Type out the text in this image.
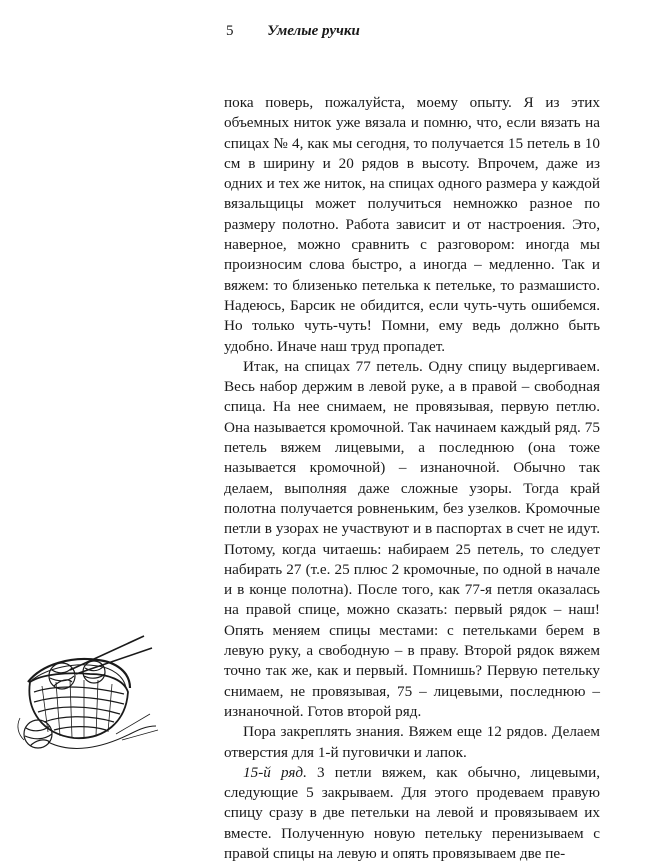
5 Умелые ручки

пока поверь, пожалуйста, моему опыту. Я из этих объемных ниток уже вязала и помню, что, если вязать на спицах № 4, как мы сегодня, то получается 15 петель в 10 см в ширину и 20 рядов в высоту. Впрочем, даже из одних и тех же ниток, на спицах одного размера у каждой вязальщицы может получиться немножко разное по размеру полотно. Работа зависит и от настроения. Это, наверное, можно сравнить с разговором: иногда мы произносим слова быстро, а иногда – медленно. Так и вяжем: то близенько петелька к петельке, то размашисто. Надеюсь, Барсик не обидится, если чуть-чуть ошибемся. Но только чуть-чуть! Помни, ему ведь должно быть удобно. Иначе наш труд пропадет.

Итак, на спицах 77 петель. Одну спицу выдергиваем. Весь набор держим в левой руке, а в правой – свободная спица. На нее снимаем, не провязывая, первую петлю. Она называется кромочной. Так начинаем каждый ряд. 75 петель вяжем лицевыми, а последнюю (она тоже называется кромочной) – изнаночной. Обычно так делаем, выполняя даже сложные узоры. Тогда край полотна получается ровненьким, без узелков. Кромочные петли в узорах не участвуют и в паспортах в счет не идут. Потому, когда читаешь: набираем 25 петель, то следует набирать 27 (т.е. 25 плюс 2 кромочные, по одной в начале и в конце полотна). После того, как 77-я петля оказалась на правой спице, можно сказать: первый рядок – наш! Опять меняем спицы местами: с петельками берем в левую руку, а свободную – в праву. Второй рядок вяжем точно так же, как и первый. Помнишь? Первую петельку снимаем, не провязывая, 75 – лицевыми, последнюю – изнаночной. Готов второй ряд.

Пора закреплять знания. Вяжем еще 12 рядов. Делаем отверстия для 1-й пуговички и лапок.

15-й ряд. 3 петли вяжем, как обычно, лицевыми, следующие 5 закрываем. Для этого продеваем правую спицу сразу в две петельки на левой и провязываем их вместе. Полученную новую петельку перенизываем с правой спицы на левую и опять провязываем две пе-
